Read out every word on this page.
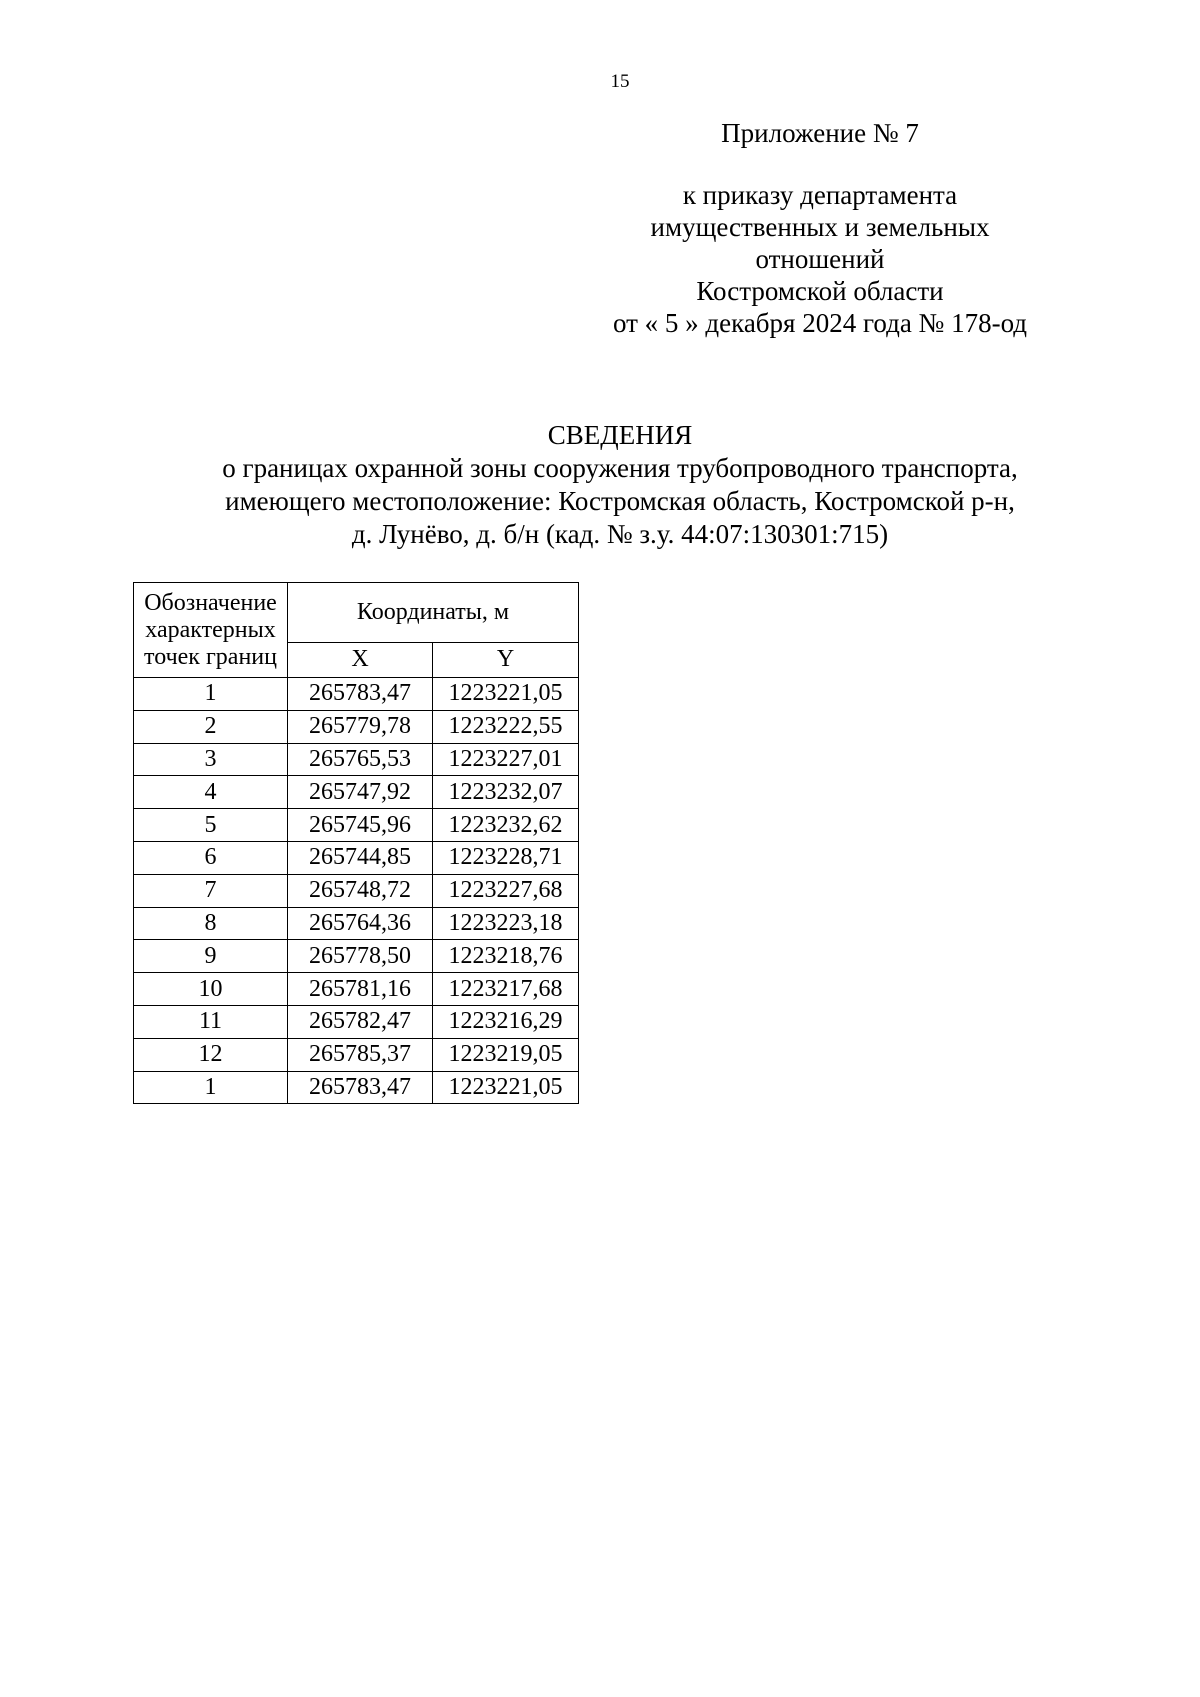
15
Приложение № 7
к приказу департамента
имущественных и земельных
отношений
Костромской области
от « 5 » декабря 2024 года № 178-од
СВЕДЕНИЯ
о границах охранной зоны сооружения трубопроводного транспорта,
имеющего местоположение: Костромская область, Костромской р-н,
д. Лунёво, д. б/н (кад. № з.у. 44:07:130301:715)
Обозначение характерных точек границ	Координаты, м	
	X	Y
1	265783,47	1223221,05
2	265779,78	1223222,55
3	265765,53	1223227,01
4	265747,92	1223232,07
5	265745,96	1223232,62
6	265744,85	1223228,71
7	265748,72	1223227,68
8	265764,36	1223223,18
9	265778,50	1223218,76
10	265781,16	1223217,68
11	265782,47	1223216,29
12	265785,37	1223219,05
1	265783,47	1223221,05
